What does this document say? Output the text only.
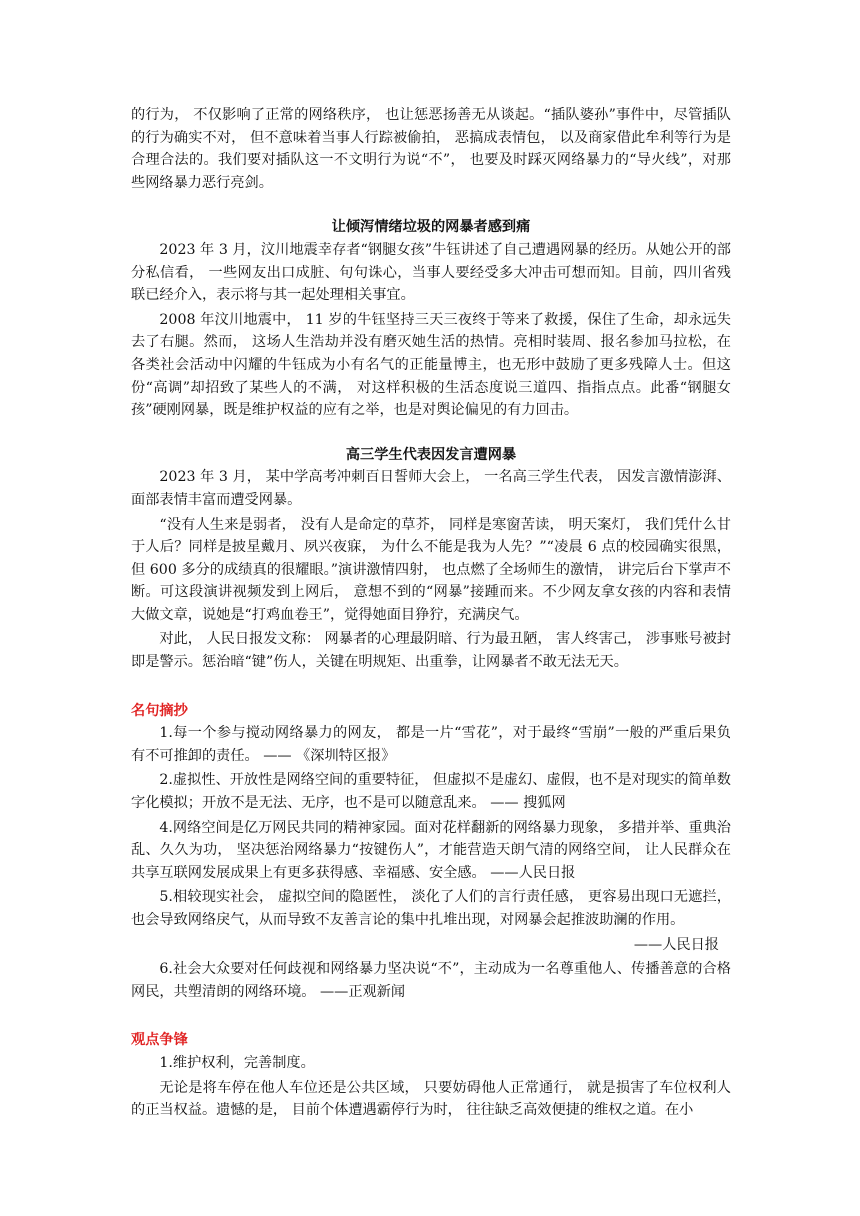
的行为， 不仅影响了正常的网络秩序， 也让惩恶扬善无从谈起。“插队婆孙”事件中，尽管插队的行为确实不对， 但不意味着当事人行踪被偷拍， 恶搞成表情包， 以及商家借此牟利等行为是合理合法的。我们要对插队这一不文明行为说“不”， 也要及时踩灭网络暴力的“导火线”，对那些网络暴力恶行亮剑。

让倾泻情绪垃圾的网暴者感到痛

2023 年 3 月，汶川地震幸存者“钢腿女孩”牛钰讲述了自己遭遇网暴的经历。从她公开的部分私信看， 一些网友出口成脏、句句诛心，当事人要经受多大冲击可想而知。目前，四川省残联已经介入，表示将与其一起处理相关事宜。

2008 年汶川地震中， 11 岁的牛钰坚持三天三夜终于等来了救援，保住了生命，却永远失去了右腿。然而， 这场人生浩劫并没有磨灭她生活的热情。亮相时装周、报名参加马拉松，在各类社会活动中闪耀的牛钰成为小有名气的正能量博主，也无形中鼓励了更多残障人士。但这份“高调”却招致了某些人的不满， 对这样积极的生活态度说三道四、指指点点。此番“钢腿女孩”硬刚网暴，既是维护权益的应有之举，也是对舆论偏见的有力回击。

高三学生代表因发言遭网暴

2023 年 3 月， 某中学高考冲刺百日誓师大会上， 一名高三学生代表， 因发言激情澎湃、面部表情丰富而遭受网暴。

“没有人生来是弱者， 没有人是命定的草芥， 同样是寒窗苦读， 明天案灯， 我们凭什么甘于人后？同样是披星戴月、夙兴夜寐， 为什么不能是我为人先？”“凌晨 6 点的校园确实很黑， 但 600 多分的成绩真的很耀眼。”演讲激情四射， 也点燃了全场师生的激情， 讲完后台下掌声不断。可这段演讲视频发到上网后， 意想不到的“网暴”接踵而来。不少网友拿女孩的内容和表情大做文章，说她是“打鸡血卷王”，觉得她面目狰狞，充满戾气。

对此， 人民日报发文称： 网暴者的心理最阴暗、行为最丑陋， 害人终害己， 涉事账号被封即是警示。惩治暗“键”伤人，关键在明规矩、出重拳，让网暴者不敢无法无天。

名句摘抄

1.每一个参与搅动网络暴力的网友， 都是一片“雪花”，对于最终“雪崩”一般的严重后果负有不可推卸的责任。 —— 《深圳特区报》

2.虚拟性、开放性是网络空间的重要特征， 但虚拟不是虚幻、虚假，也不是对现实的简单数字化模拟；开放不是无法、无序，也不是可以随意乱来。 —— 搜狐网

4.网络空间是亿万网民共同的精神家园。面对花样翻新的网络暴力现象， 多措并举、重典治乱、久久为功， 坚决惩治网络暴力“按键伤人”，才能营造天朗气清的网络空间， 让人民群众在共享互联网发展成果上有更多获得感、幸福感、安全感。 ——人民日报

5.相较现实社会， 虚拟空间的隐匿性， 淡化了人们的言行责任感， 更容易出现口无遮拦，也会导致网络戾气，从而导致不友善言论的集中扎堆出现，对网暴会起推波助澜的作用。

——人民日报

6.社会大众要对任何歧视和网络暴力坚决说“不”，主动成为一名尊重他人、传播善意的合格网民，共塑清朗的网络环境。 ——正观新闻

观点争锋

1.维护权利，完善制度。

无论是将车停在他人车位还是公共区域， 只要妨碍他人正常通行， 就是损害了车位权利人的正当权益。遗憾的是， 目前个体遭遇霸停行为时， 往往缺乏高效便捷的维权之道。在小
